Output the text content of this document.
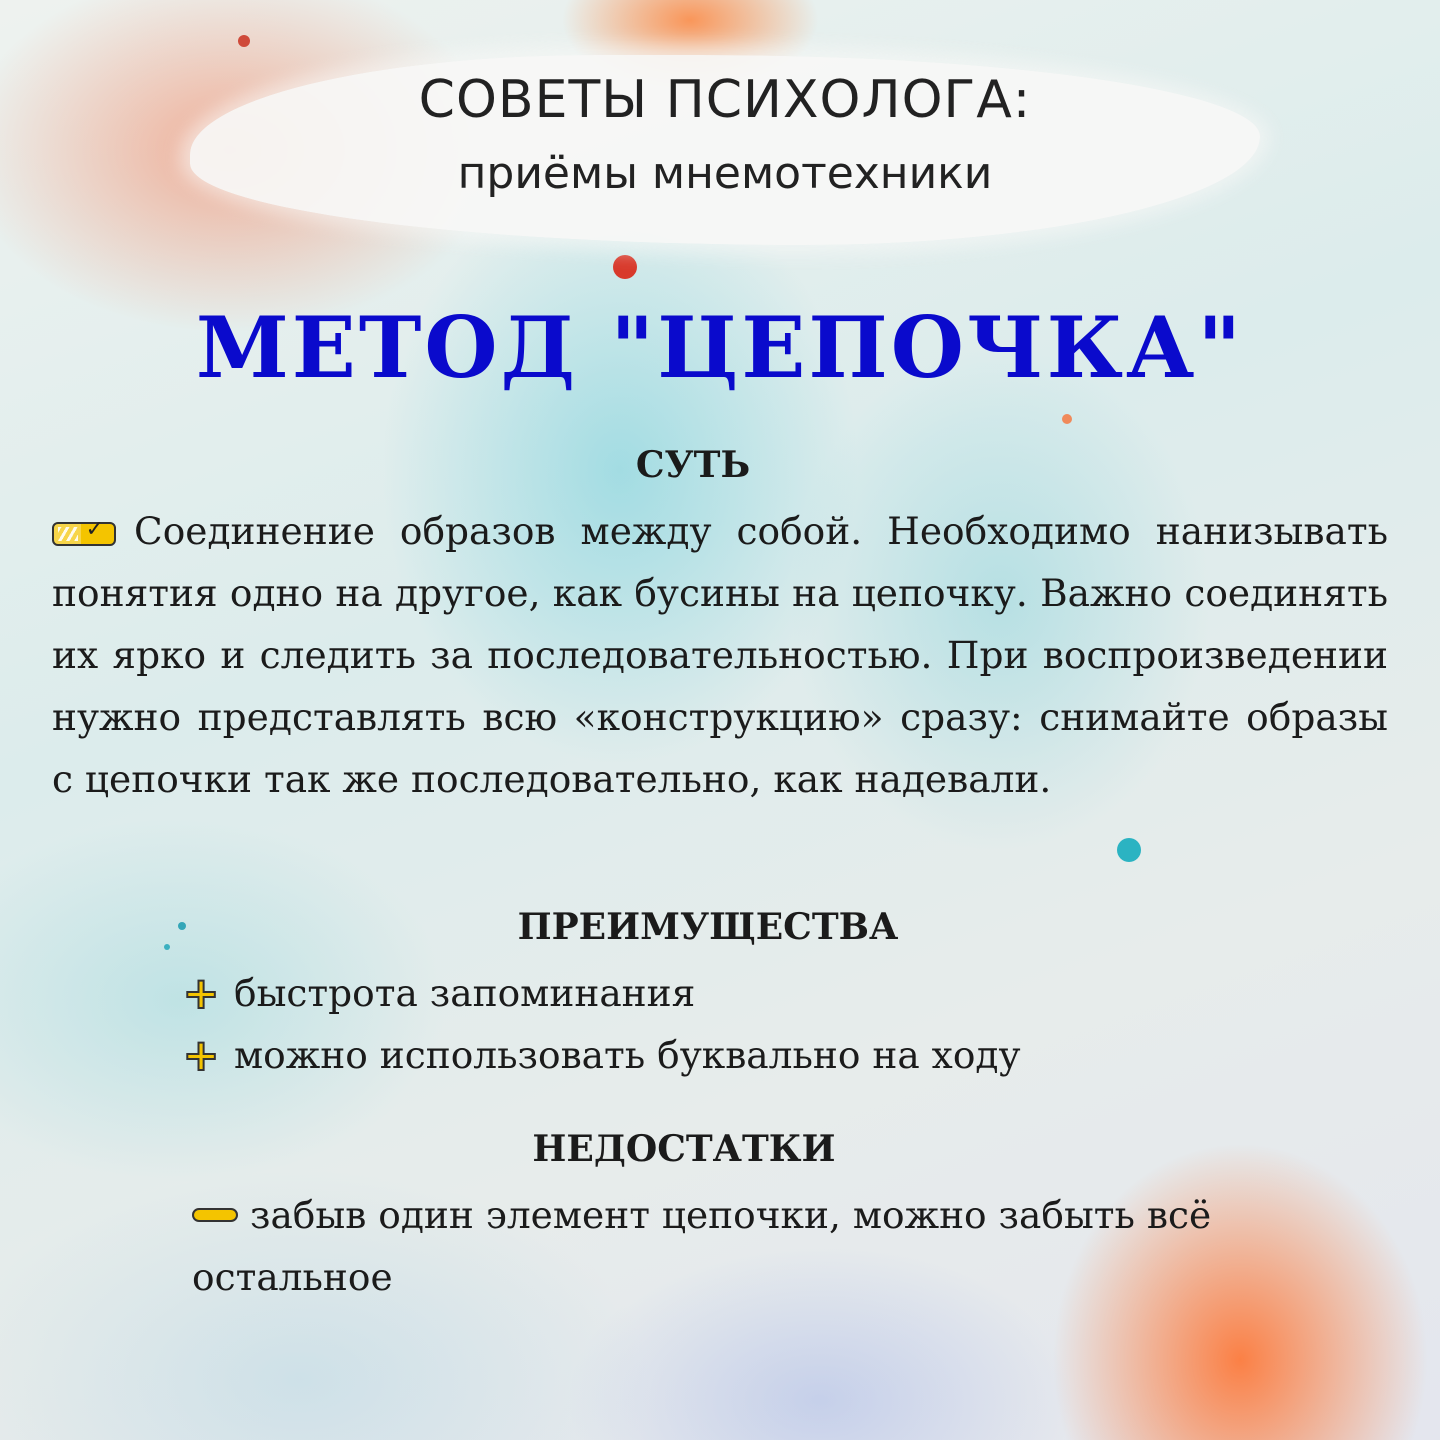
СОВЕТЫ ПСИХОЛОГА:
приёмы мнемотехники
МЕТОД "ЦЕПОЧКА"
СУТЬ

✓ Соединение образов между собой. Необходимо нанизывать понятия одно на другое, как бусины на цепочку. Важно соединять их ярко и следить за последовательностью. При воспроизведении нужно представлять всю «конструкцию» сразу: снимайте образы с цепочки так же последовательно, как надевали.

ПРЕИМУЩЕСТВА
+ быстрота запоминания
+ можно использовать буквально на ходу
НЕДОСТАТКИ
забыв один элемент цепочки, можно забыть всё остальное
